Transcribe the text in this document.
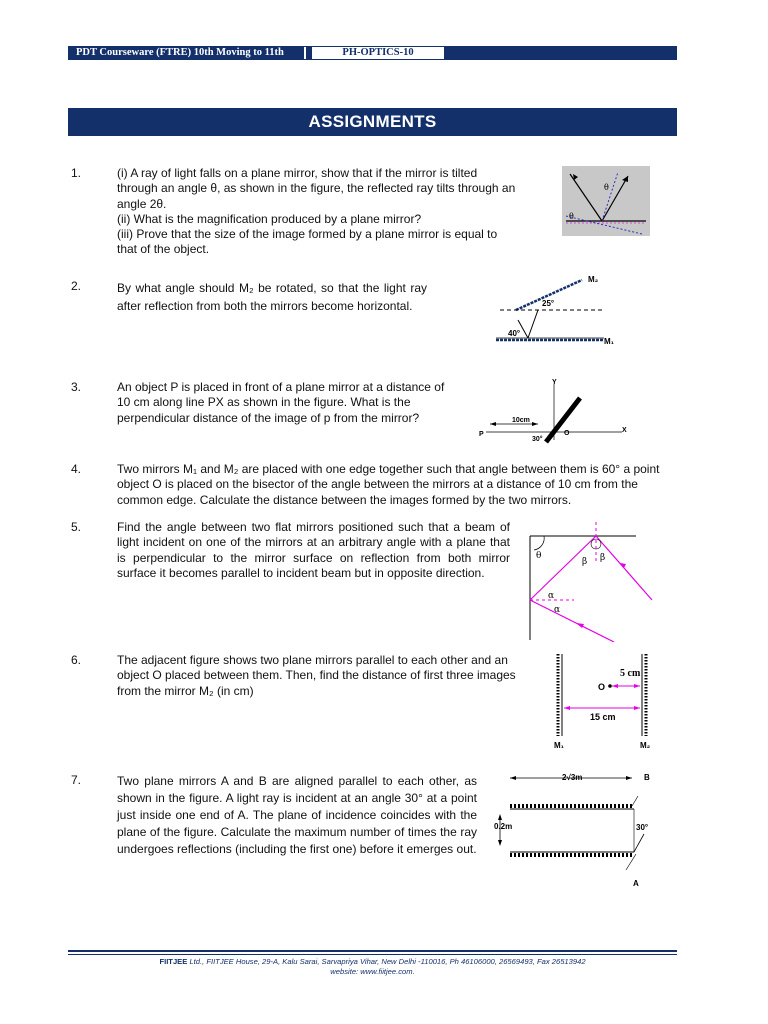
PDT Courseware (FTRE) 10th Moving to 11th	PH-OPTICS-10
ASSIGNMENTS
1.	(i) A ray of light falls on a plane mirror, show that if the mirror is tilted
through an angle θ, as shown in the figure, the reflected ray tilts through an
angle 2θ.
(ii) What is the magnification produced by a plane mirror?
(iii) Prove that the size of the image formed by a plane mirror is equal to
that of the object.
θ
θ
2.	By what angle should M₂ be rotated, so that the light ray after reflection from both the mirrors become horizontal.
M₂
M₁
25°
40°
3.	An object P is placed in front of a plane mirror at a distance of 10 cm along line PX as shown in the figure. What is the perpendicular distance of the image of p from the mirror?
Y
X
P
10cm
30°
O
4.	Two mirrors M₁ and M₂ are placed with one edge together such that angle between them is 60° a point object O is placed on the bisector of the angle between the mirrors at a distance of 10 cm from the common edge. Calculate the distance between the images formed by the two mirrors.
5.	Find the angle between two flat mirrors positioned such that a beam of light incident on one of the mirrors at an arbitrary angle with a plane that is perpendicular to the mirror surface on reflection from both mirror surface it becomes parallel to incident beam but in opposite direction.
θ
β β
α
α
6.	The adjacent figure shows two plane mirrors parallel to each other and an object O placed between them. Then, find the distance of first three images from the mirror M₂ (in cm)
5 cm
O
15 cm
M₁	M₂
7.	Two plane mirrors A and B are aligned parallel to each other, as shown in the figure. A light ray is incident at an angle 30° at a point just inside one end of A. The plane of incidence coincides with the plane of the figure. Calculate the maximum number of times the ray undergoes reflections (including the first one) before it emerges out.
2√3m
0.2m	30°
A
B
FIITJEE Ltd., FIITJEE House, 29-A, Kalu Sarai, Sarvapriya Vihar, New Delhi -110016, Ph 46106000, 26569493, Fax 26513942
website: www.fiitjee.com.
